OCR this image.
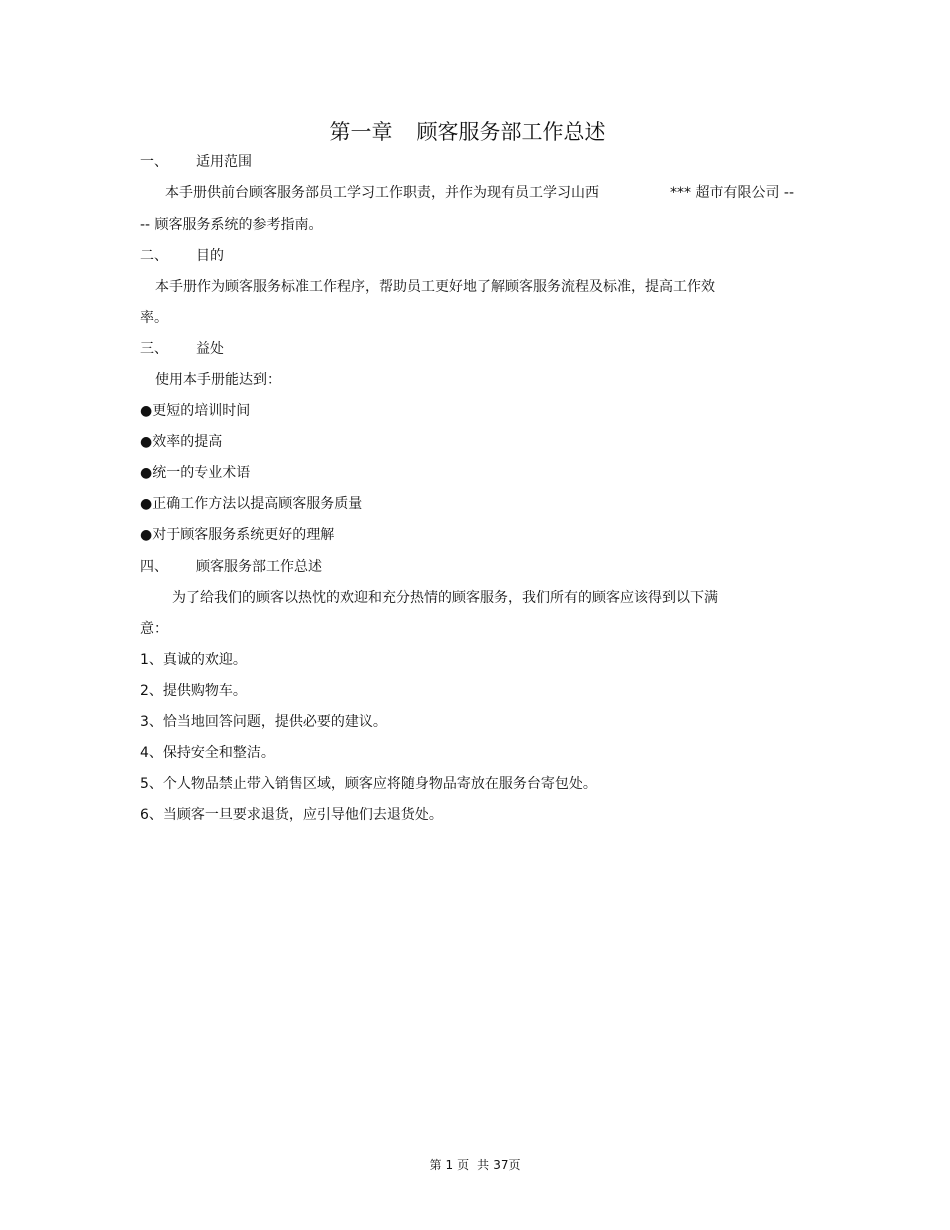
第一章 顾客服务部工作总述
一、 适用范围
本手册供前台顾客服务部员工学习工作职责，并作为现有员工学习山西	*** 超市有限公司 --
-- 顾客服务系统的参考指南。
二、 目的
本手册作为顾客服务标准工作程序，帮助员工更好地了解顾客服务流程及标准，提高工作效
率。
三、 益处
使用本手册能达到：
●更短的培训时间
●效率的提高
●统一的专业术语
●正确工作方法以提高顾客服务质量
●对于顾客服务系统更好的理解
四、 顾客服务部工作总述
为了给我们的顾客以热忱的欢迎和充分热情的顾客服务，我们所有的顾客应该得到以下满
意：
1、真诚的欢迎。
2、提供购物车。
3、恰当地回答问题，提供必要的建议。
4、保持安全和整洁。
5、个人物品禁止带入销售区域，顾客应将随身物品寄放在服务台寄包处。
6、当顾客一旦要求退货，应引导他们去退货处。
第 1 页 共 37页
